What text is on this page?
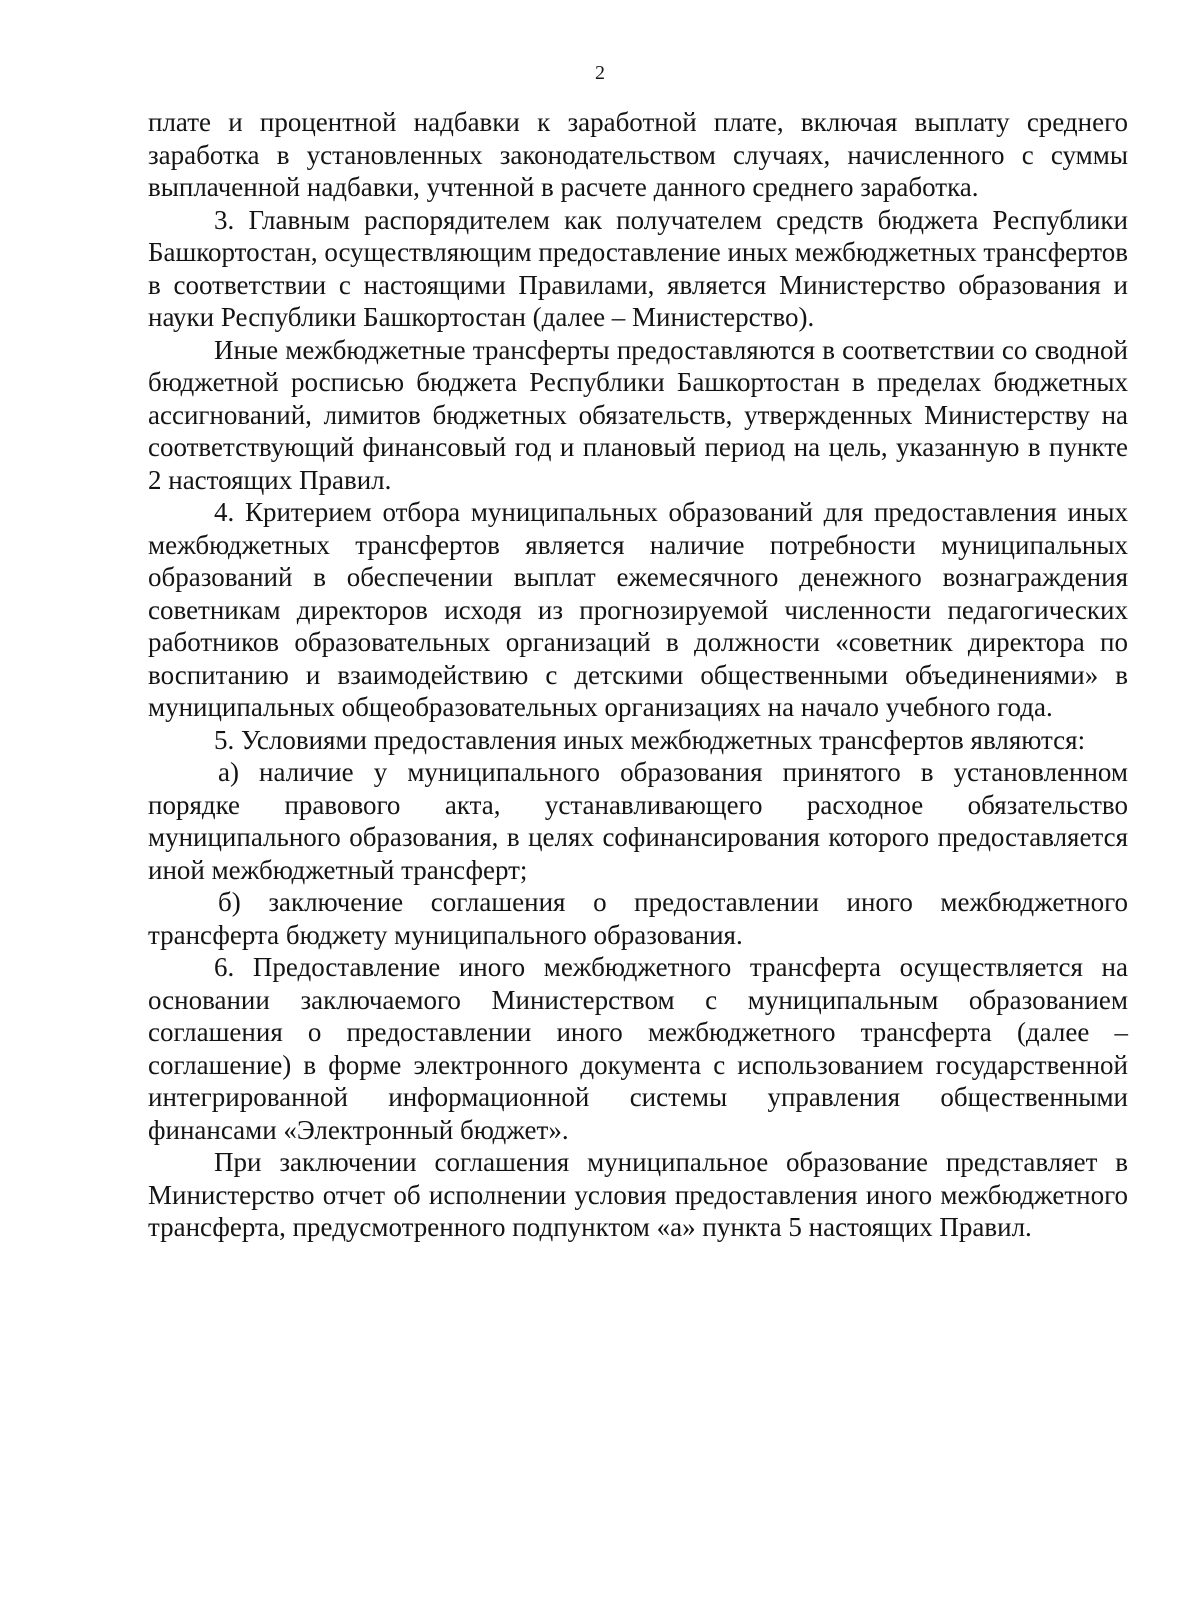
2

плате и процентной надбавки к заработной плате, включая выплату среднего заработка в установленных законодательством случаях, начисленного с суммы выплаченной надбавки, учтенной в расчете данного среднего заработка.

3. Главным распорядителем как получателем средств бюджета Республики Башкортостан, осуществляющим предоставление иных межбюджетных трансфертов в соответствии с настоящими Правилами, является Министерство образования и науки Республики Башкортостан (далее – Министерство).

Иные межбюджетные трансферты предоставляются в соответствии со сводной бюджетной росписью бюджета Республики Башкортостан в пределах бюджетных ассигнований, лимитов бюджетных обязательств, утвержденных Министерству на соответствующий финансовый год и плановый период на цель, указанную в пункте 2 настоящих Правил.

4. Критерием отбора муниципальных образований для предоставления иных межбюджетных трансфертов является наличие потребности муниципальных образований в обеспечении выплат ежемесячного денежного вознаграждения советникам директоров исходя из прогнозируемой численности педагогических работников образовательных организаций в должности «советник директора по воспитанию и взаимодействию с детскими общественными объединениями» в муниципальных общеобразовательных организациях на начало учебного года.

5. Условиями предоставления иных межбюджетных трансфертов являются:

а) наличие у муниципального образования принятого в установленном порядке правового акта, устанавливающего расходное обязательство муниципального образования, в целях софинансирования которого предоставляется иной межбюджетный трансферт;

б) заключение соглашения о предоставлении иного межбюджетного трансферта бюджету муниципального образования.

6. Предоставление иного межбюджетного трансферта осуществляется на основании заключаемого Министерством с муниципальным образованием соглашения о предоставлении иного межбюджетного трансферта (далее – соглашение) в форме электронного документа с использованием государственной интегрированной информационной системы управления общественными финансами «Электронный бюджет».

При заключении соглашения муниципальное образование представляет в Министерство отчет об исполнении условия предоставления иного межбюджетного трансферта, предусмотренного подпунктом «а» пункта 5 настоящих Правил.
